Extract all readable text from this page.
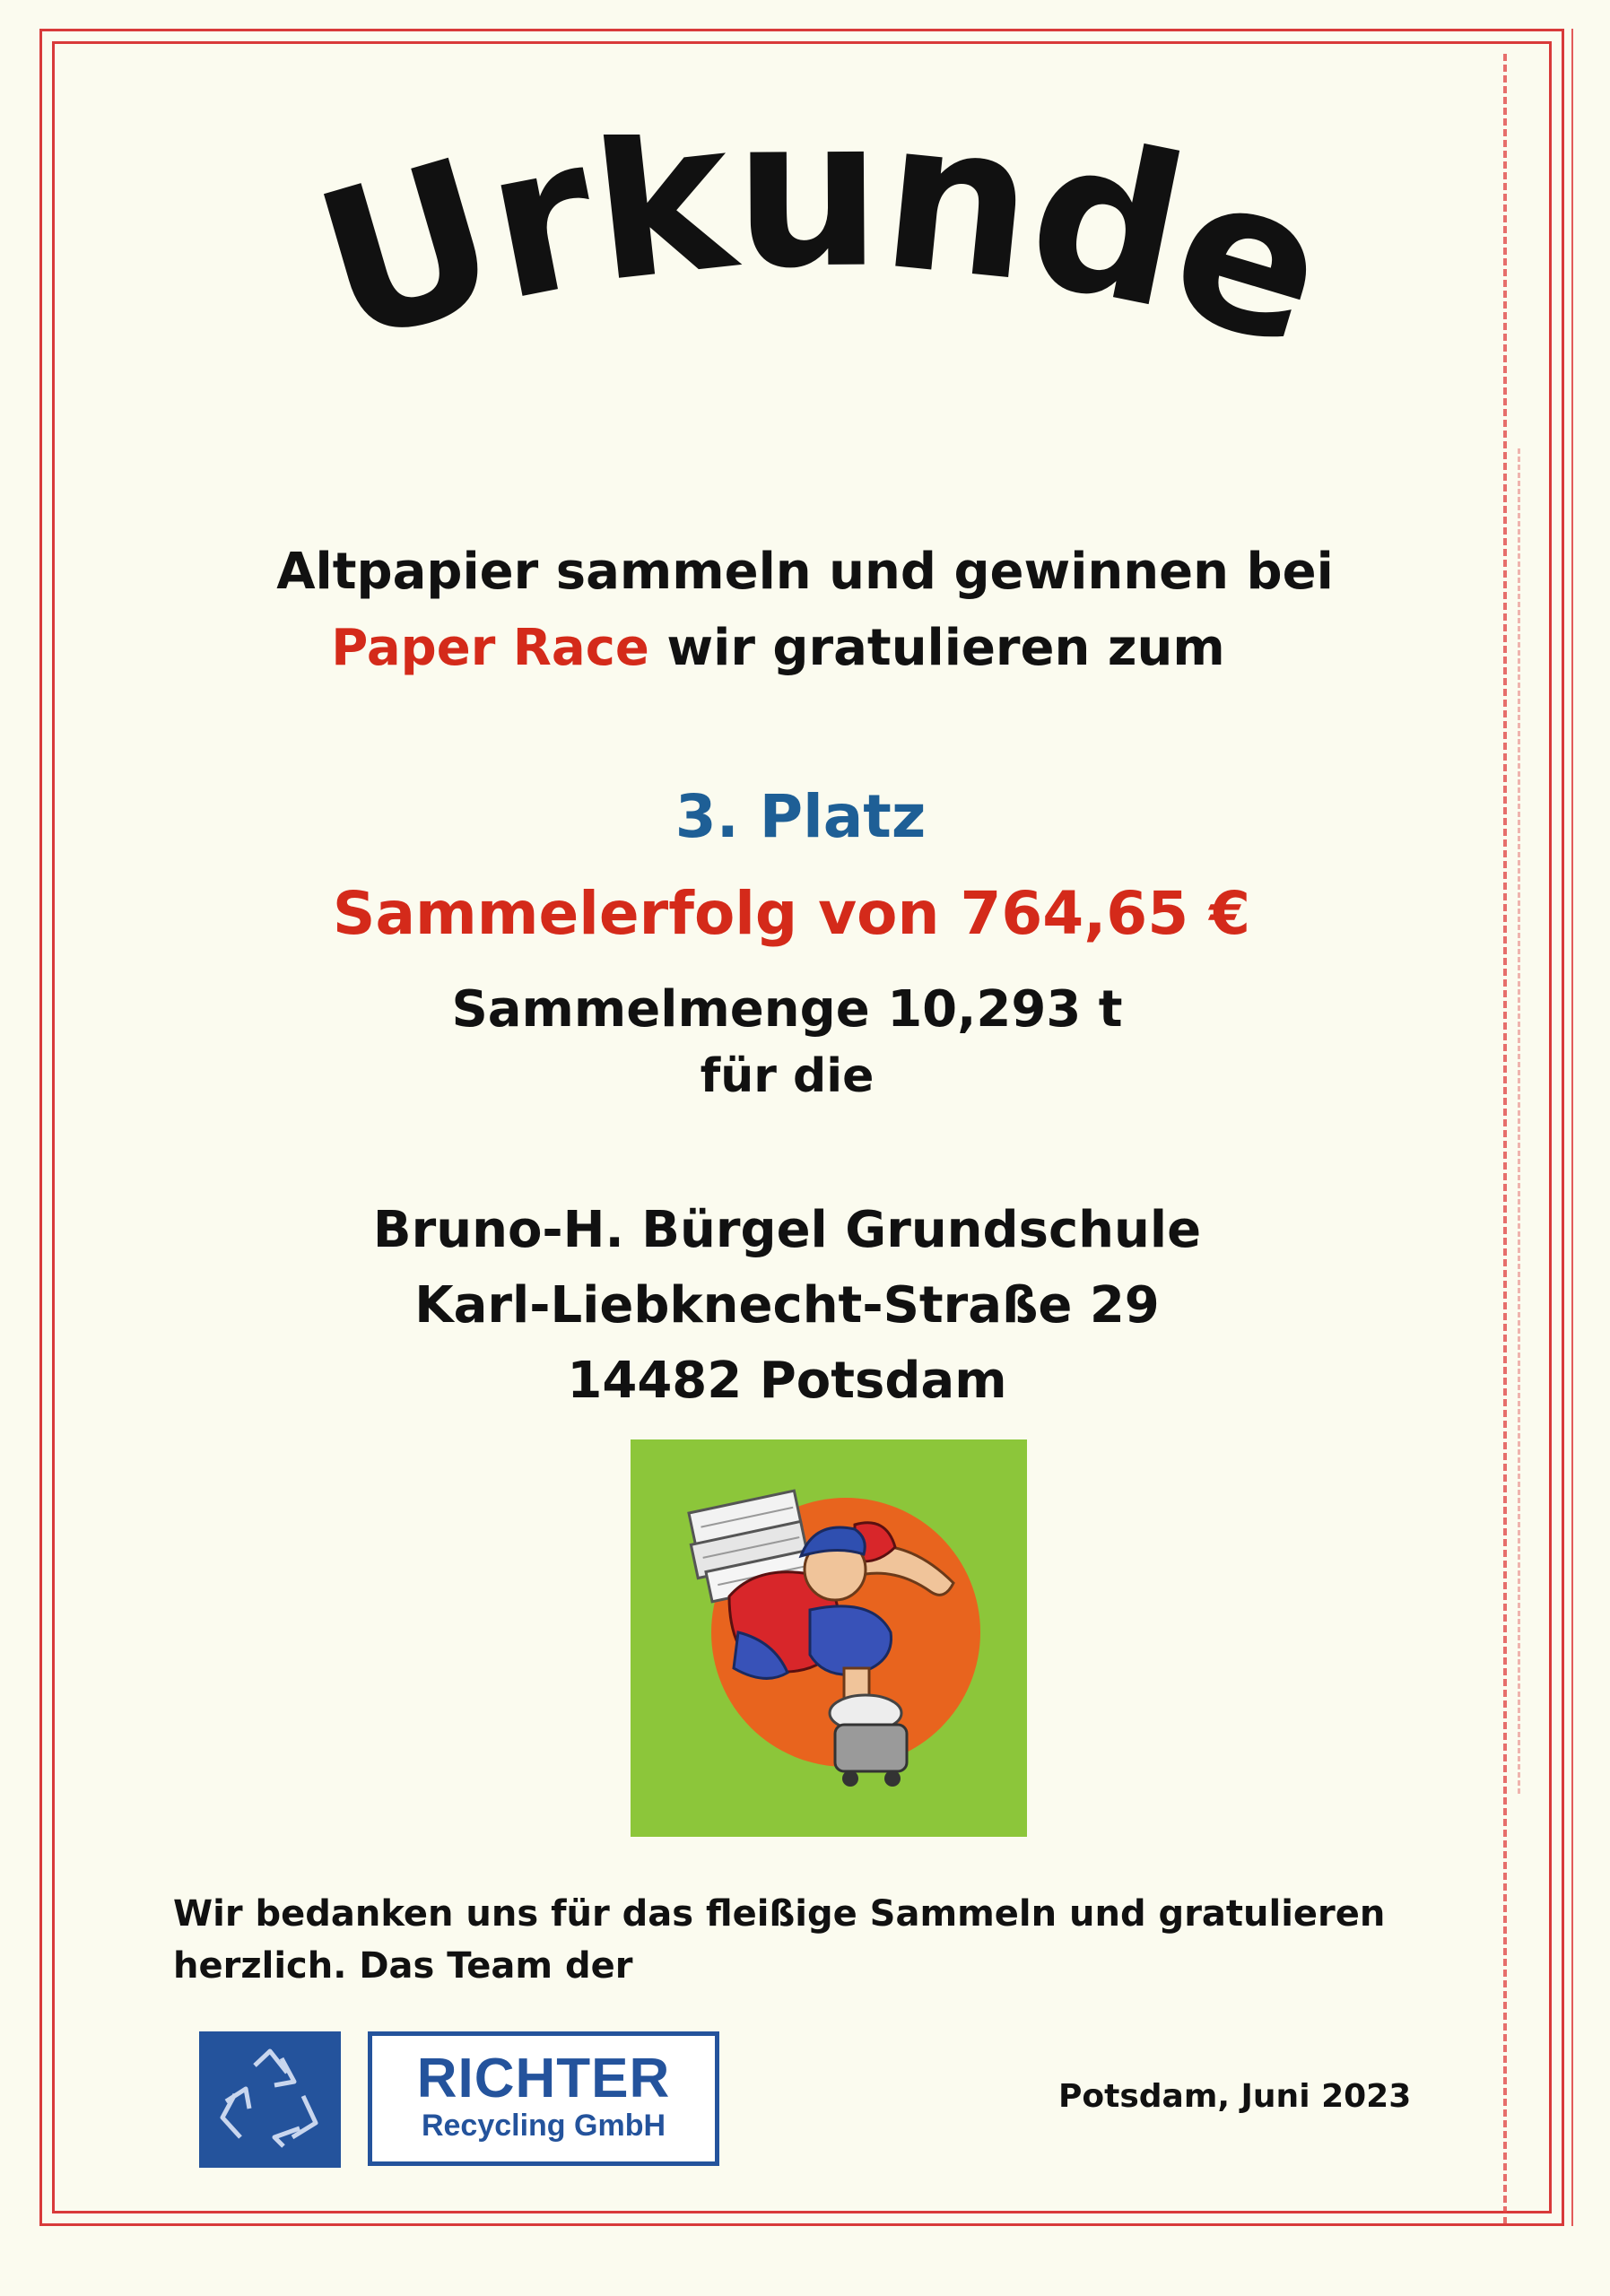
Urkunde
Altpapier sammeln und gewinnen bei
Paper Race wir gratulieren zum
3. Platz
Sammelerfolg von 764,65 €
Sammelmenge 10,293 t
für die
Bruno-H. Bürgel Grundschule
Karl-Liebknecht-Straße 29
14482 Potsdam
Wir bedanken uns für das fleißige Sammeln und gratulieren herzlich. Das Team der
RICHTER
Recycling GmbH
Potsdam, Juni 2023
